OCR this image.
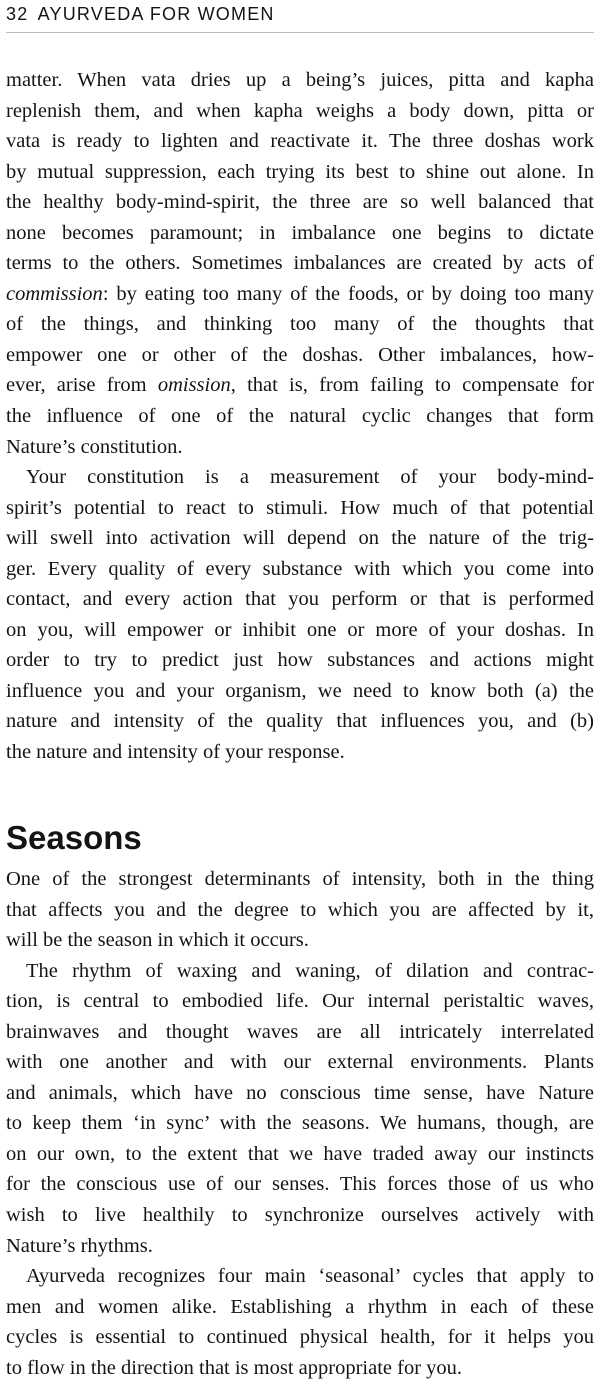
32 AYURVEDA FOR WOMEN
matter. When vata dries up a being’s juices, pitta and kapha
replenish them, and when kapha weighs a body down, pitta or
vata is ready to lighten and reactivate it. The three doshas work
by mutual suppression, each trying its best to shine out alone. In
the healthy body-mind-spirit, the three are so well balanced that
none becomes paramount; in imbalance one begins to dictate
terms to the others. Sometimes imbalances are created by acts of
commission: by eating too many of the foods, or by doing too many
of the things, and thinking too many of the thoughts that
empower one or other of the doshas. Other imbalances, how-
ever, arise from omission, that is, from failing to compensate for
the influence of one of the natural cyclic changes that form
Nature’s constitution.
Your constitution is a measurement of your body-mind-
spirit’s potential to react to stimuli. How much of that potential
will swell into activation will depend on the nature of the trig-
ger. Every quality of every substance with which you come into
contact, and every action that you perform or that is performed
on you, will empower or inhibit one or more of your doshas. In
order to try to predict just how substances and actions might
influence you and your organism, we need to know both (a) the
nature and intensity of the quality that influences you, and (b)
the nature and intensity of your response.
Seasons
One of the strongest determinants of intensity, both in the thing
that affects you and the degree to which you are affected by it,
will be the season in which it occurs.
The rhythm of waxing and waning, of dilation and contrac-
tion, is central to embodied life. Our internal peristaltic waves,
brainwaves and thought waves are all intricately interrelated
with one another and with our external environments. Plants
and animals, which have no conscious time sense, have Nature
to keep them ‘in sync’ with the seasons. We humans, though, are
on our own, to the extent that we have traded away our instincts
for the conscious use of our senses. This forces those of us who
wish to live healthily to synchronize ourselves actively with
Nature’s rhythms.
Ayurveda recognizes four main ‘seasonal’ cycles that apply to
men and women alike. Establishing a rhythm in each of these
cycles is essential to continued physical health, for it helps you
to flow in the direction that is most appropriate for you.
